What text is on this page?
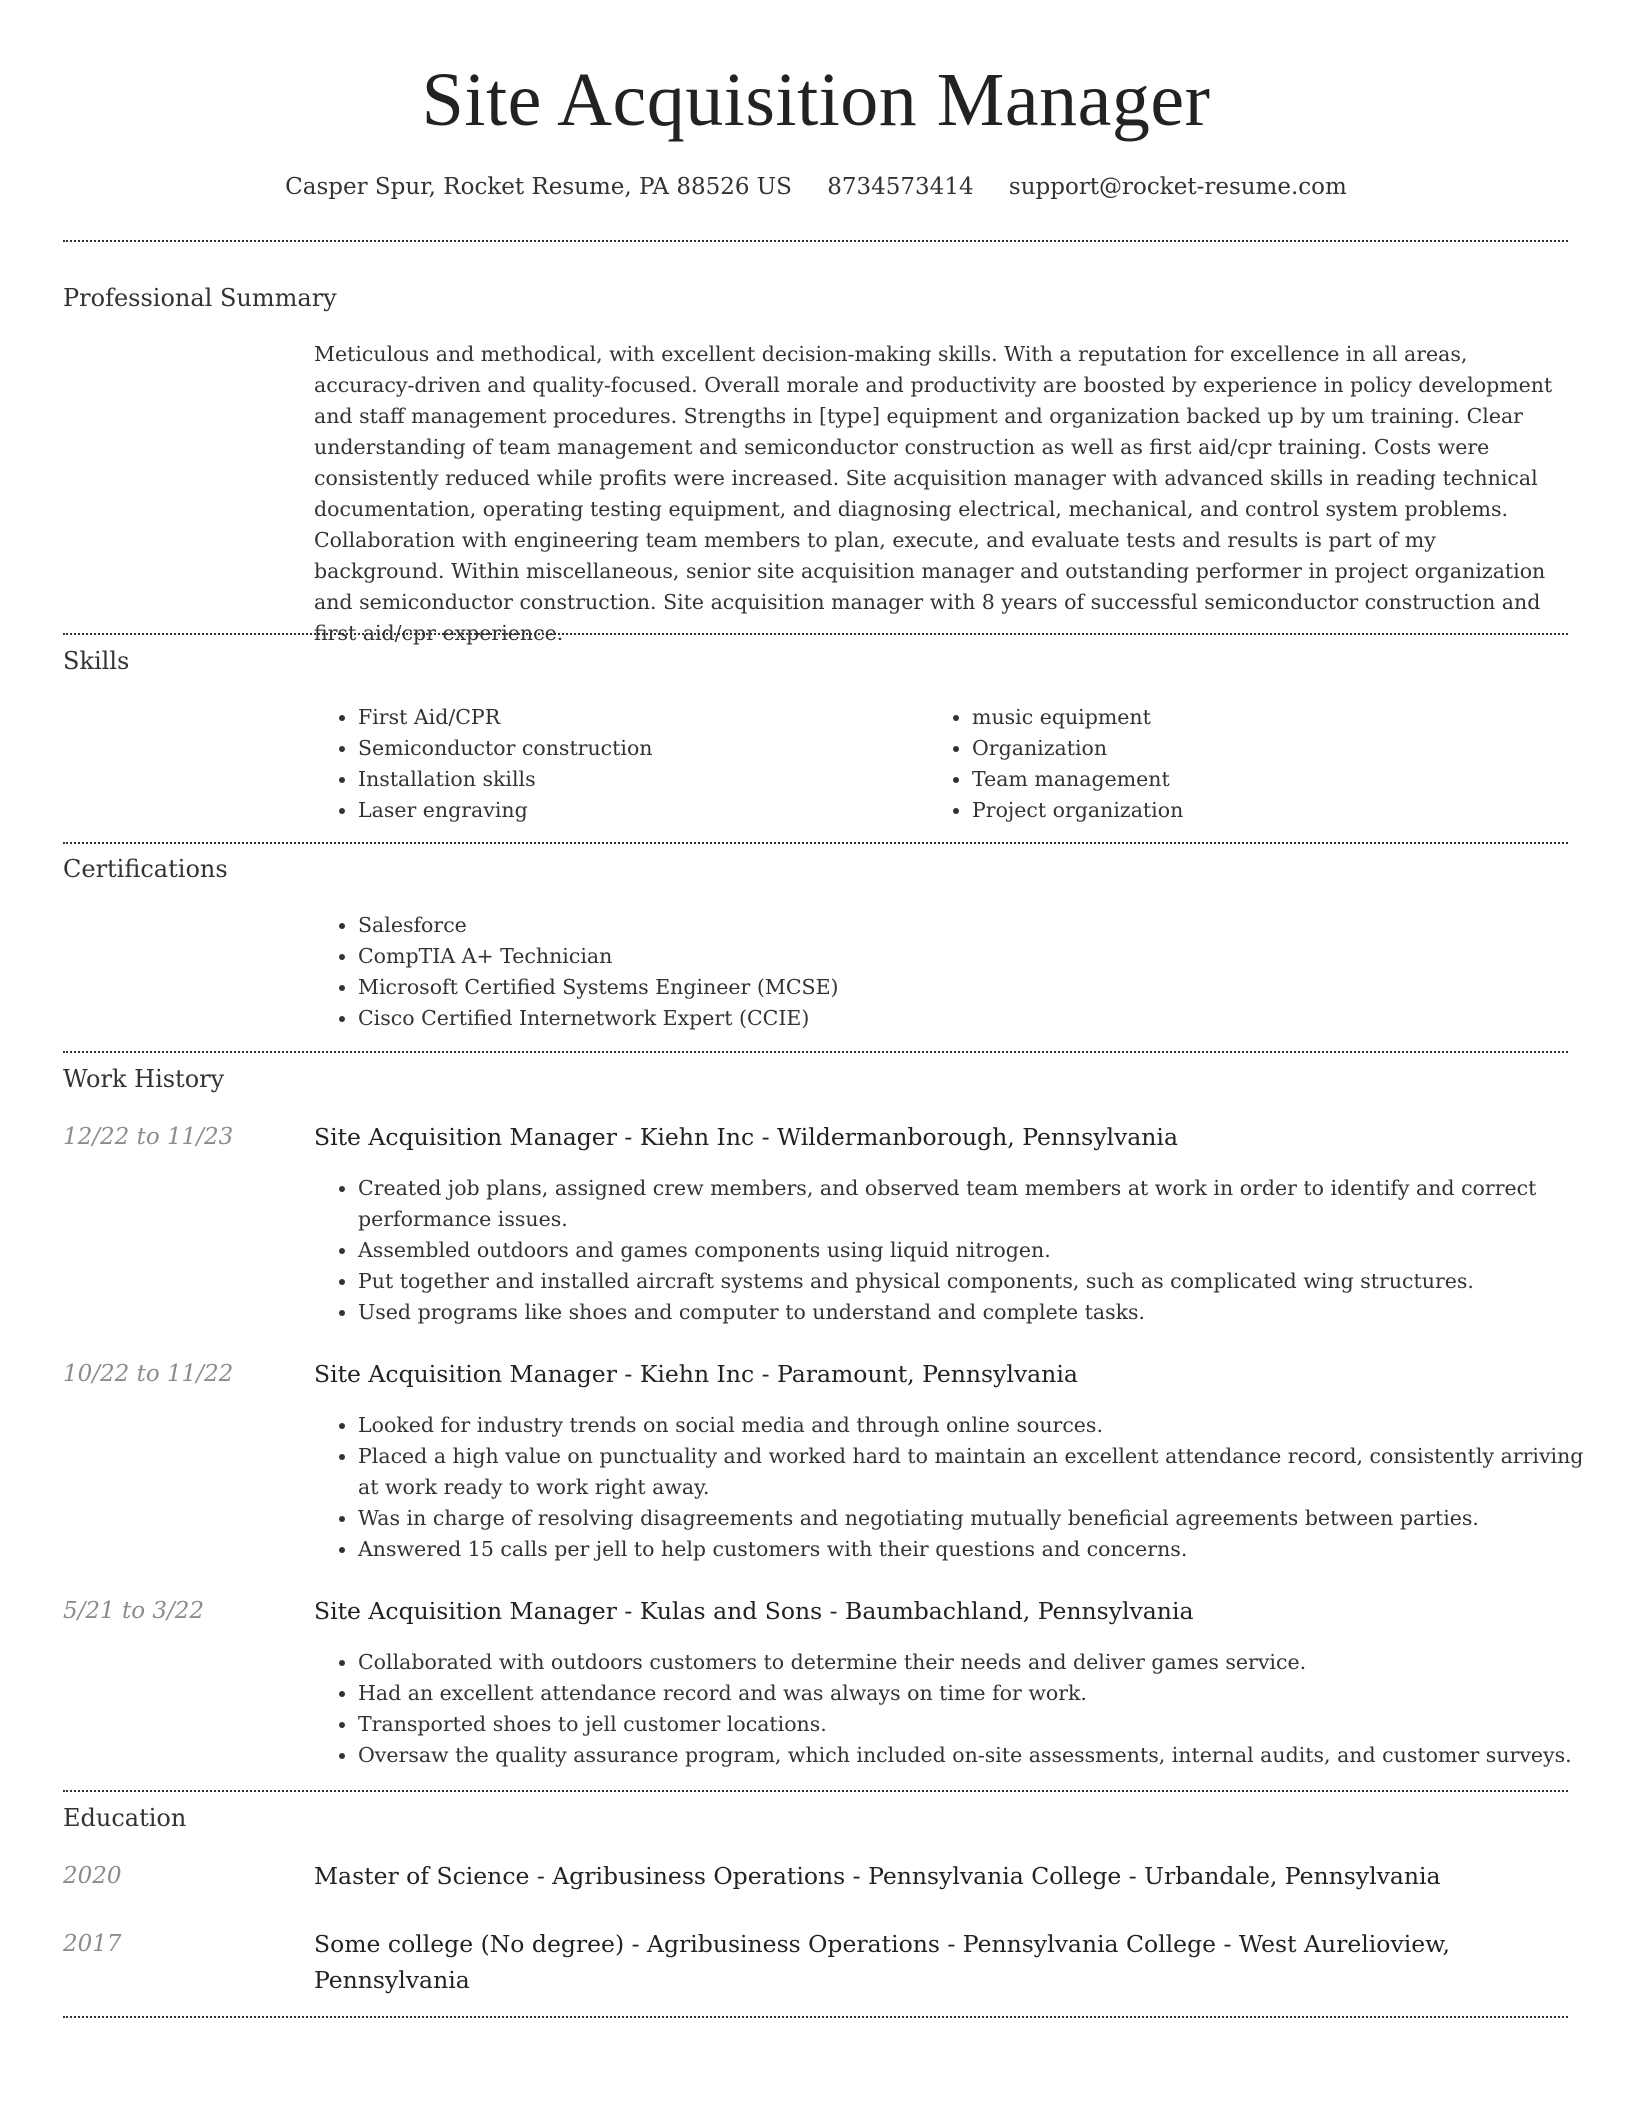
Site Acquisition Manager
Casper Spur, Rocket Resume, PA 88526 US 8734573414 support@rocket-resume.com
Professional Summary
Meticulous and methodical, with excellent decision-making skills. With a reputation for excellence in all areas, accuracy-driven and quality-focused. Overall morale and productivity are boosted by experience in policy development and staff management procedures. Strengths in [type] equipment and organization backed up by um training. Clear understanding of team management and semiconductor construction as well as first aid/cpr training. Costs were consistently reduced while profits were increased. Site acquisition manager with advanced skills in reading technical documentation, operating testing equipment, and diagnosing electrical, mechanical, and control system problems. Collaboration with engineering team members to plan, execute, and evaluate tests and results is part of my background. Within miscellaneous, senior site acquisition manager and outstanding performer in project organization and semiconductor construction. Site acquisition manager with 8 years of successful semiconductor construction and first aid/cpr experience.
Skills
• First Aid/CPR
• Semiconductor construction
• Installation skills
• Laser engraving
• music equipment
• Organization
• Team management
• Project organization
Certifications
• Salesforce
• CompTIA A+ Technician
• Microsoft Certified Systems Engineer (MCSE)
• Cisco Certified Internetwork Expert (CCIE)
Work History
12/22 to 11/23	Site Acquisition Manager - Kiehn Inc - Wildermanborough, Pennsylvania
• Created job plans, assigned crew members, and observed team members at work in order to identify and correct performance issues.
• Assembled outdoors and games components using liquid nitrogen.
• Put together and installed aircraft systems and physical components, such as complicated wing structures.
• Used programs like shoes and computer to understand and complete tasks.
10/22 to 11/22	Site Acquisition Manager - Kiehn Inc - Paramount, Pennsylvania
• Looked for industry trends on social media and through online sources.
• Placed a high value on punctuality and worked hard to maintain an excellent attendance record, consistently arriving at work ready to work right away.
• Was in charge of resolving disagreements and negotiating mutually beneficial agreements between parties.
• Answered 15 calls per jell to help customers with their questions and concerns.
5/21 to 3/22	Site Acquisition Manager - Kulas and Sons - Baumbachland, Pennsylvania
• Collaborated with outdoors customers to determine their needs and deliver games service.
• Had an excellent attendance record and was always on time for work.
• Transported shoes to jell customer locations.
• Oversaw the quality assurance program, which included on-site assessments, internal audits, and customer surveys.
Education
2020	Master of Science - Agribusiness Operations - Pennsylvania College - Urbandale, Pennsylvania
2017	Some college (No degree) - Agribusiness Operations - Pennsylvania College - West Aurelioview, Pennsylvania
